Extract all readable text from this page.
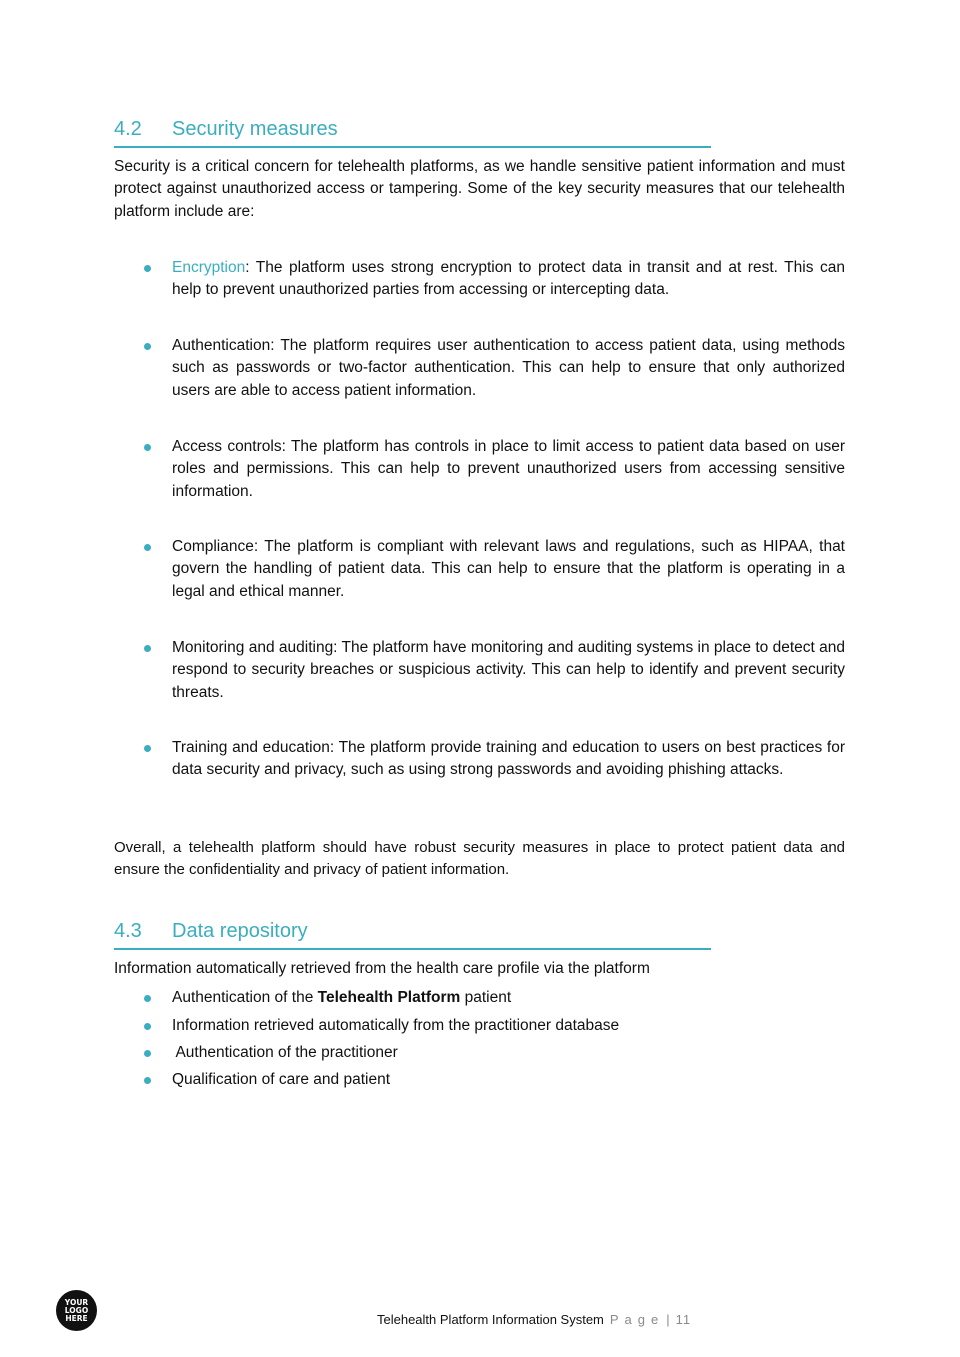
4.2 Security measures

Security is a critical concern for telehealth platforms, as we handle sensitive patient information and must protect against unauthorized access or tampering. Some of the key security measures that our telehealth platform include are:

Encryption: The platform uses strong encryption to protect data in transit and at rest. This can help to prevent unauthorized parties from accessing or intercepting data.

Authentication: The platform requires user authentication to access patient data, using methods such as passwords or two-factor authentication. This can help to ensure that only authorized users are able to access patient information.

Access controls: The platform has controls in place to limit access to patient data based on user roles and permissions. This can help to prevent unauthorized users from accessing sensitive information.

Compliance: The platform is compliant with relevant laws and regulations, such as HIPAA, that govern the handling of patient data. This can help to ensure that the platform is operating in a legal and ethical manner.

Monitoring and auditing: The platform have monitoring and auditing systems in place to detect and respond to security breaches or suspicious activity. This can help to identify and prevent security threats.

Training and education: The platform provide training and education to users on best practices for data security and privacy, such as using strong passwords and avoiding phishing attacks.

Overall, a telehealth platform should have robust security measures in place to protect patient data and ensure the confidentiality and privacy of patient information.

4.3 Data repository
Information automatically retrieved from the health care profile via the platform
Authentication of the Telehealth Platform patient
Information retrieved automatically from the practitioner database
Authentication of the practitioner
Qualification of care and patient
YOUR
LOGO
HERE	Telehealth Platform Information System Page | 11
